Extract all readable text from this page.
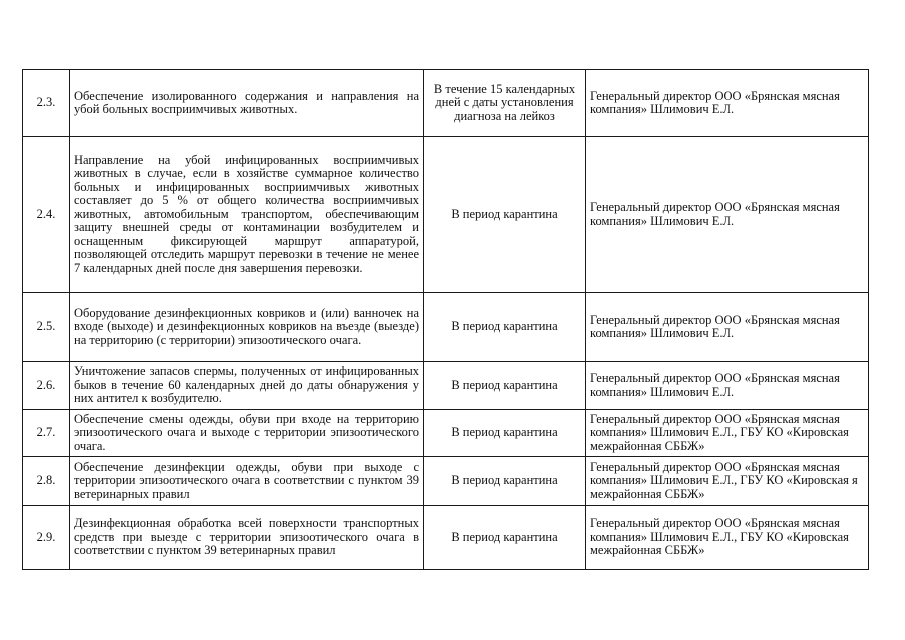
2.3.	Обеспечение изолированного содержания и направления на убой больных восприимчивых животных.	В течение 15 календарных дней с даты установления диагноза на лейкоз	Генеральный директор ООО «Брянская мясная компания» Шлимович Е.Л.
2.4.	Направление на убой инфицированных восприимчивых животных в случае, если в хозяйстве суммарное количество больных и инфицированных восприимчивых животных составляет до 5 % от общего количества восприимчивых животных, автомобильным транспортом, обеспечивающим защиту внешней среды от контаминации возбудителем и оснащенным фиксирующей маршрут аппаратурой, позволяющей отследить маршрут перевозки в течение не менее 7 календарных дней после дня завершения перевозки.	В период карантина	Генеральный директор ООО «Брянская мясная компания» Шлимович Е.Л.
2.5.	Оборудование дезинфекционных ковриков и (или) ванночек на входе (выходе) и дезинфекционных ковриков на въезде (выезде) на территорию (с территории) эпизоотического очага.	В период карантина	Генеральный директор ООО «Брянская мясная компания» Шлимович Е.Л.
2.6.	Уничтожение запасов спермы, полученных от инфицированных быков в течение 60 календарных дней до даты обнаружения у них антител к возбудителю.	В период карантина	Генеральный директор ООО «Брянская мясная компания» Шлимович Е.Л.
2.7.	Обеспечение смены одежды, обуви при входе на территорию эпизоотического очага и выходе с территории эпизоотического очага.	В период карантина	Генеральный директор ООО «Брянская мясная компания» Шлимович Е.Л., ГБУ КО «Кировская межрайонная СББЖ»
2.8.	Обеспечение дезинфекции одежды, обуви при выходе с территории эпизоотического очага в соответствии с пунктом 39 ветеринарных правил	В период карантина	Генеральный директор ООО «Брянская мясная компания» Шлимович Е.Л., ГБУ КО «Кировская я межрайонная СББЖ»
2.9.	Дезинфекционная обработка всей поверхности транспортных средств при выезде с территории эпизоотического очага в соответствии с пунктом 39 ветеринарных правил	В период карантина	Генеральный директор ООО «Брянская мясная компания» Шлимович Е.Л., ГБУ КО «Кировская межрайонная СББЖ»
